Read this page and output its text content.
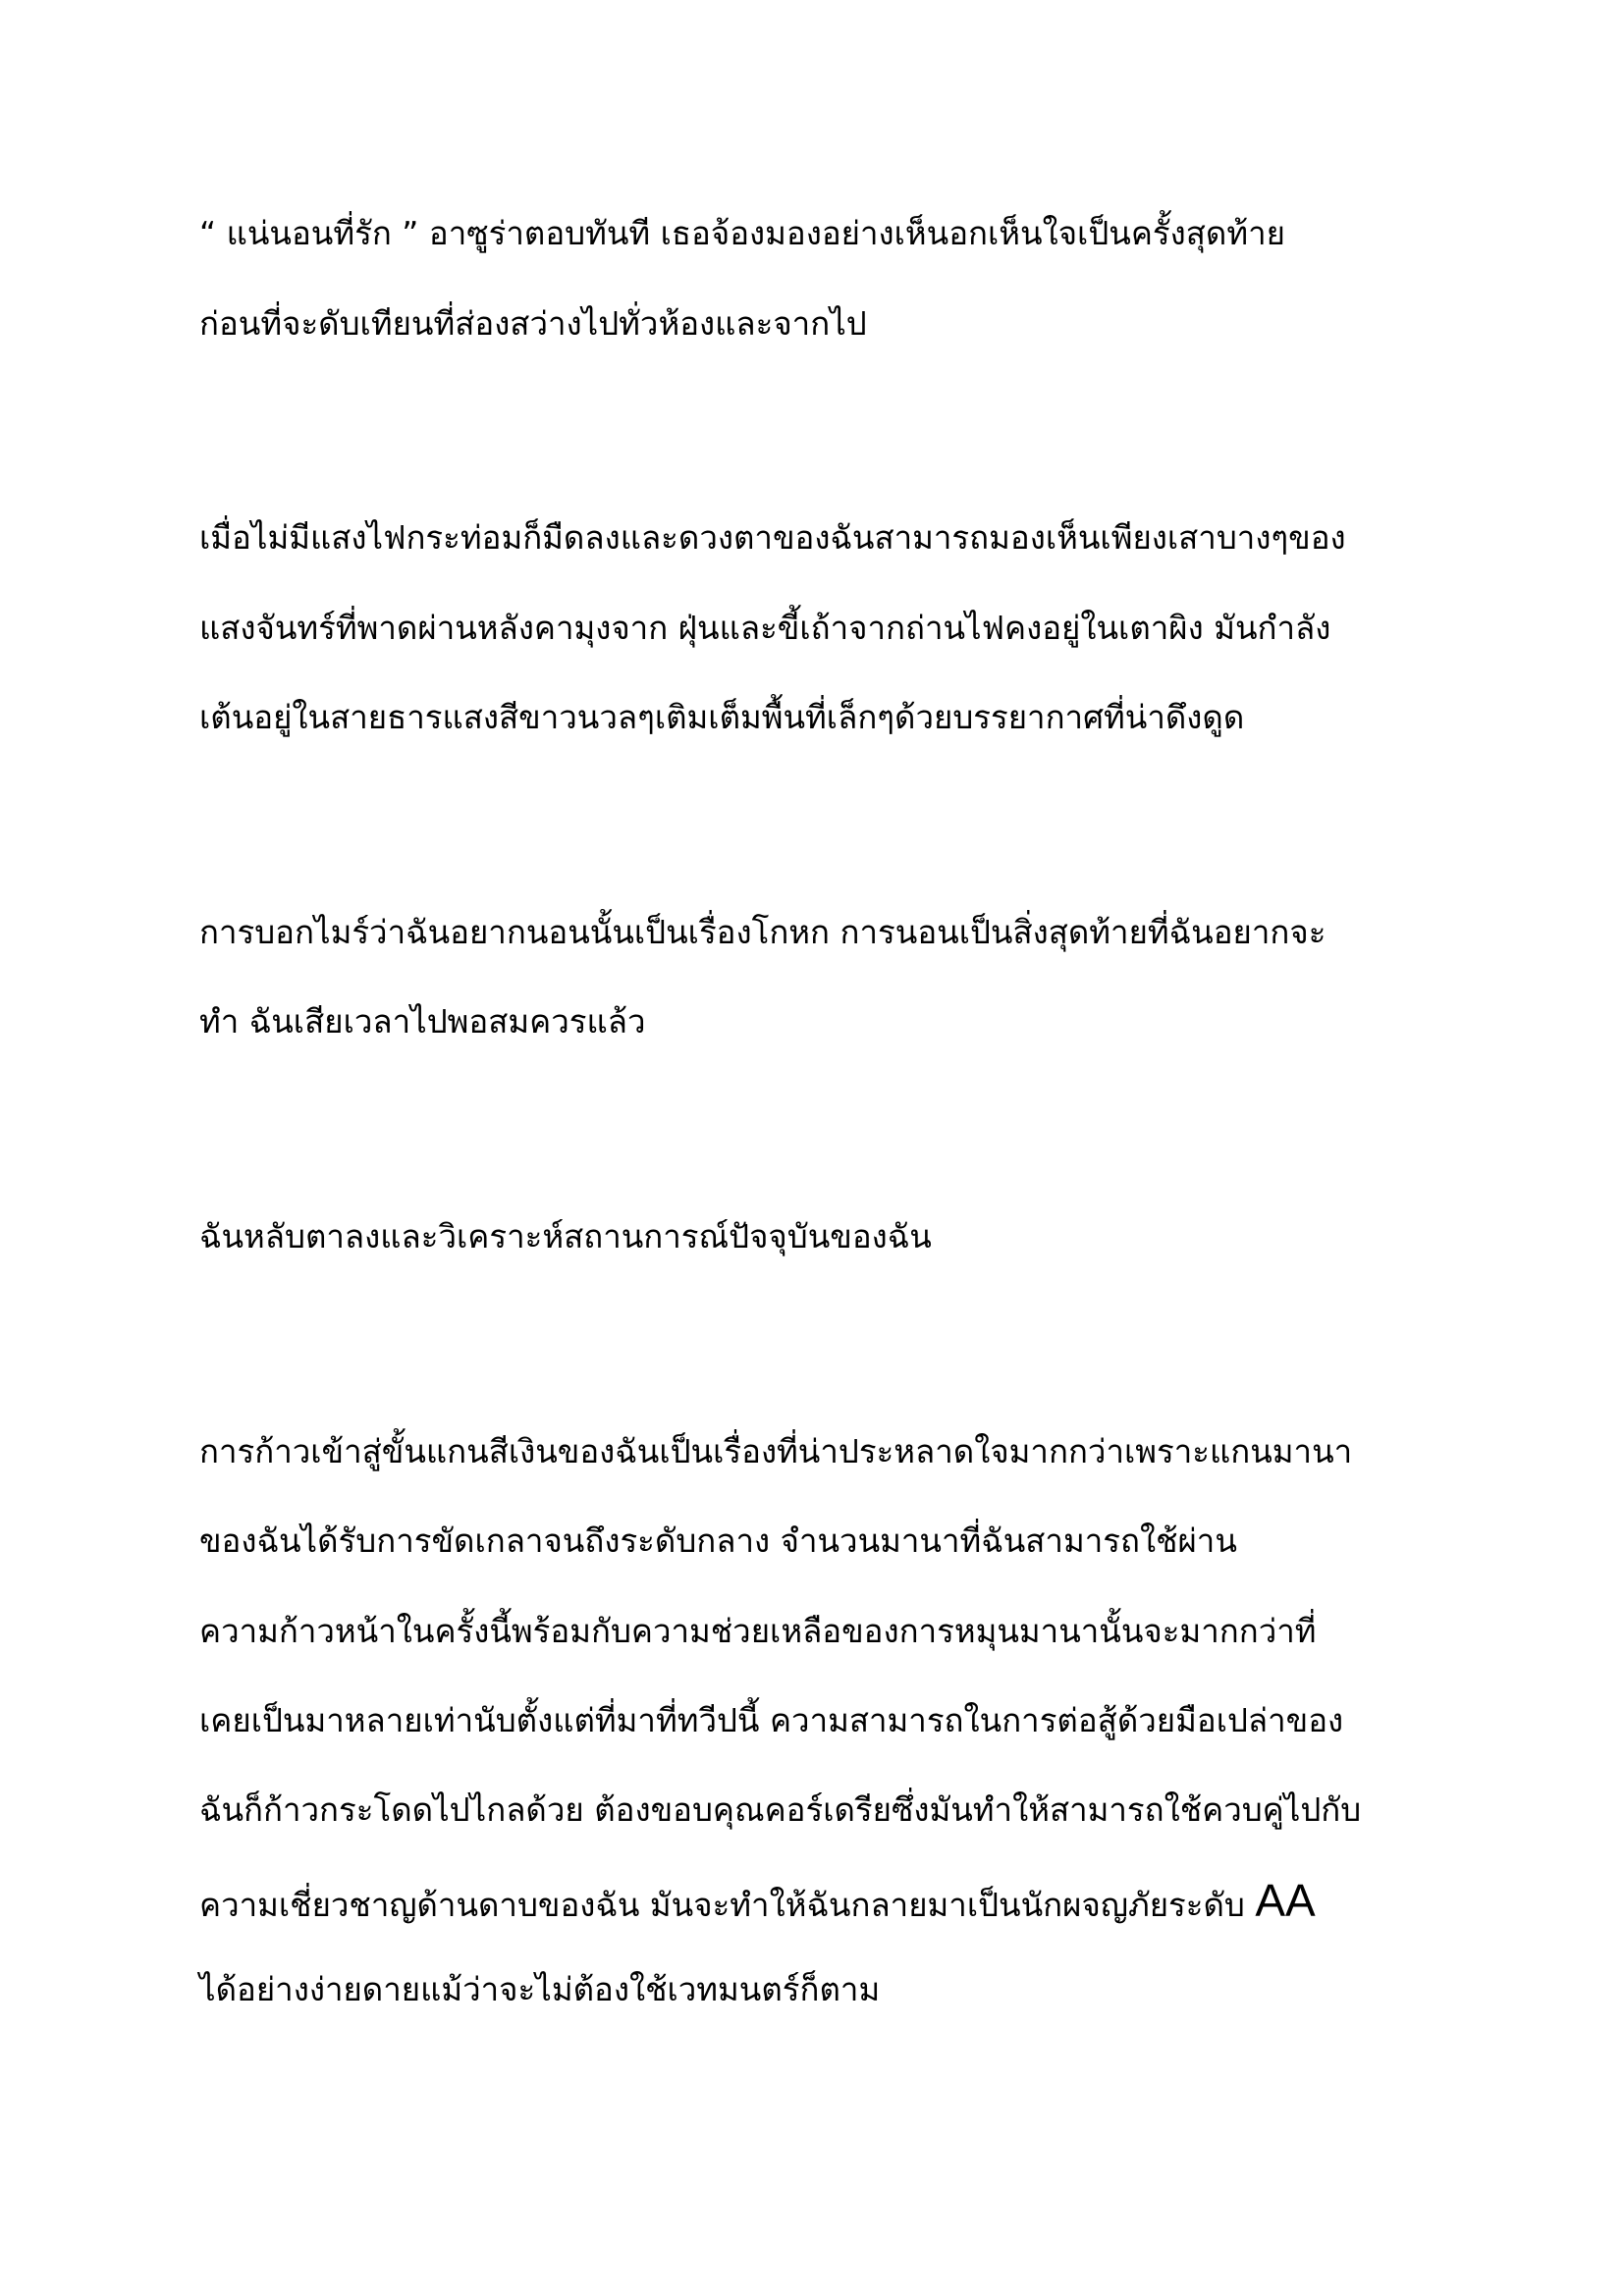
“ แน่นอนที่รัก ” อาซูร่าตอบทันที เธอจ้องมองอย่างเห็นอกเห็นใจเป็นครั้งสุดท้าย

ก่อนที่จะดับเทียนที่ส่องสว่างไปทั่วห้องและจากไป

เมื่อไม่มีแสงไฟกระท่อมก็มืดลงและดวงตาของฉันสามารถมองเห็นเพียงเสาบางๆของ

แสงจันทร์ที่พาดผ่านหลังคามุงจาก ฝุ่นและขี้เถ้าจากถ่านไฟคงอยู่ในเตาผิง มันกำลัง

เต้นอยู่ในสายธารแสงสีขาวนวลๆเติมเต็มพื้นที่เล็กๆด้วยบรรยากาศที่น่าดึงดูด

การบอกไมร์ว่าฉันอยากนอนนั้นเป็นเรื่องโกหก การนอนเป็นสิ่งสุดท้ายที่ฉันอยากจะ

ทำ ฉันเสียเวลาไปพอสมควรแล้ว

ฉันหลับตาลงและวิเคราะห์สถานการณ์ปัจจุบันของฉัน

การก้าวเข้าสู่ขั้นแกนสีเงินของฉันเป็นเรื่องที่น่าประหลาดใจมากกว่าเพราะแกนมานา

ของฉันได้รับการขัดเกลาจนถึงระดับกลาง จำนวนมานาที่ฉันสามารถใช้ผ่าน

ความก้าวหน้าในครั้งนี้พร้อมกับความช่วยเหลือของการหมุนมานานั้นจะมากกว่าที่

เคยเป็นมาหลายเท่านับตั้งแต่ที่มาที่ทวีปนี้ ความสามารถในการต่อสู้ด้วยมือเปล่าของ

ฉันก็ก้าวกระโดดไปไกลด้วย ต้องขอบคุณคอร์เดรียซึ่งมันทำให้สามารถใช้ควบคู่ไปกับ

ความเชี่ยวชาญด้านดาบของฉัน มันจะทำให้ฉันกลายมาเป็นนักผจญภัยระดับ AA

ได้อย่างง่ายดายแม้ว่าจะไม่ต้องใช้เวทมนตร์ก็ตาม
